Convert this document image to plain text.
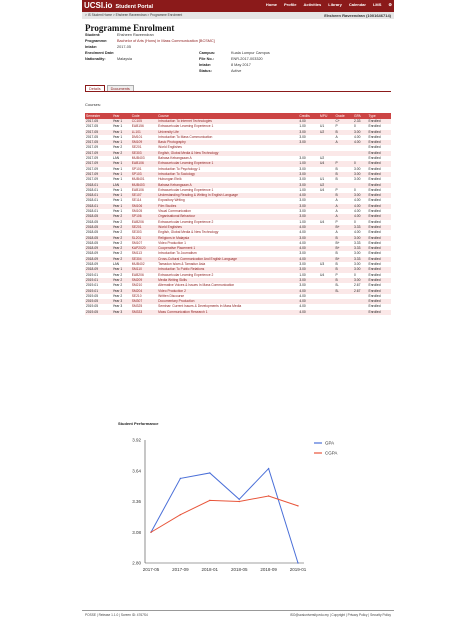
UCSI.io Student Portal	Home Profile Activities Library Calendar LMS ⚙
> IS Student Home > Ehsheen Raveendran > Programme Enrolment	Ehsheen Raveendran (1001646714)
Programme Enrolment
Student:	Ehsheen Raveendran
Programme:	Bachelor of Arts (Hons) in Mass Communication [BCSMC]
Intake:	2017-05
Enrolment Date:
Nationality:	Malaysia
Campus:	Kuala Lumpur Campus
File No.:	ENR-2017-003320
Intake:	8 May 2017
Status:	Active
Details	Documents
Courses:
Semester	Year	Code	Course	Credits	MPU	Grade	GPA	Type
2017-05	Year 1	CC105	Introduction To Internet Technologies	4.00		C+	2.33	Enrolled
2017-05	Year 1	EAB156	Extracurricular Learning Experience 1	1.00	U1	P	0	Enrolled
2017-05	Year 1	LL101	University Life	3.00	U2	B	3.00	Enrolled
2017-05	Year 1	DM101	Introduction To Mass Communication	3.00		A	4.00	Enrolled
2017-05	Year 1	SM109	Basic Photography	3.00		A	4.00	Enrolled
2017-09	Year 2	SE201	World Englishes					Enrolled
2017-09	Year 2	SE303	English, Global Media & New Technology					Enrolled
2017-09	LAN	MUB403	Bahasa Kebangsaan A	3.00	U2			Enrolled
2017-09	Year 1	EAB106	Extracurricular Learning Experience 1	1.00	U4	P	0	Enrolled
2017-09	Year 1	SP101	Introduction To Psychology 1	3.00		B	3.00	Enrolled
2017-09	Year 1	SP103	Introduction To Sociology	3.00		B	3.00	Enrolled
2017-09	Year 1	MUB401	Hubungan Etnik	3.00	U1	B	3.00	Enrolled
2018-01	LAN	MUB403	Bahasa Kebangsaan A	3.00	U2			Enrolled
2018-01	Year 1	EAB106	Extracurricular Learning Experience 1	1.00	U4	P	0	Enrolled
2018-01	Year 1	SE107	Understanding Reading & Writing In English Language	4.00		B	3.00	Enrolled
2018-01	Year 1	SE114	Expository Writing	3.00		A	4.00	Enrolled
2018-01	Year 1	SM106	Film Studies	3.00		A	4.00	Enrolled
2018-01	Year 1	SM105	Visual Communication	3.00		A	4.00	Enrolled
2018-05	Year 2	SP106	Organisational Behaviour	3.00		A	4.00	Enrolled
2018-05	Year 2	EAB206	Extracurricular Learning Experience 2	1.00	U4	P	0	Enrolled
2018-05	Year 2	SE201	World Englishes	4.00		B+	3.33	Enrolled
2018-05	Year 2	SE303	English, Global Media & New Technology	4.00		A	4.00	Enrolled
2018-05	Year 2	SL201	Religions in Malaysia	3.00		B	3.00	Enrolled
2018-05	Year 2	SM107	Video Production 1	4.00		B+	3.33	Enrolled
2018-09	Year 2	KAP2020	Cooperative Placement 1	4.00		B+	3.33	Enrolled
2018-09	Year 2	SM113	Introduction To Journalism	3.00		B	3.00	Enrolled
2018-09	Year 2	SE304	Cross-Cultural Communication And English Language	4.00		B+	3.33	Enrolled
2018-09	LAN	MUB402	Tamadun Islam & Tamadun Asia	3.00	U3	B	3.00	Enrolled
2018-09	Year 1	SM110	Introduction To Public Relations	3.00		B	3.00	Enrolled
2019-01	Year 2	EAB206	Extracurricular Learning Experience 2	1.00	U4	P	0	Enrolled
2019-01	Year 2	SM209	Media Writing Skills	3.00		B	3.00	Enrolled
2019-01	Year 2	SM210	Alternative Voices & Issues In Mass Communication	3.00		B-	2.67	Enrolled
2019-01	Year 3	SM204	Video Production 2	4.00		B-	2.67	Enrolled
2019-05	Year 2	SE210	Written Discourse	4.00				Enrolled
2019-05	Year 3	SM307	Documentary Production	4.00				Enrolled
2019-05	Year 3	SM325	Seminar: Current Issues & Developments In Mass Media	4.00				Enrolled
2019-05	Year 3	SM333	Mass Communication Research 1	4.00				Enrolled
Student Performance
3.92
3.64
3.36
3.08
2.80
2017-05	2017-09	2018-01	2018-05	2018-09	2019-01
GPA
CGPA
POSSE | Release 1.1.0 | Screen ID: 4767S4	ISO@ucsiuniversity.edu.my | Copyright | Privacy Policy | Security Policy
